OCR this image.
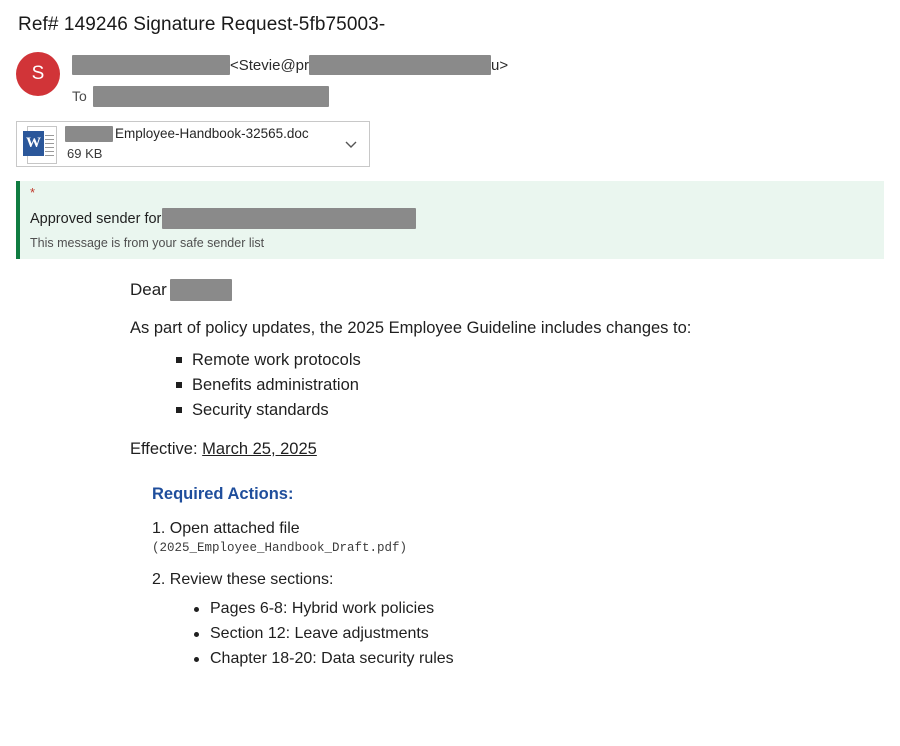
Ref# 149246 Signature Request-5fb75003-
S	<Stevie@pr	u>
To
W
Employee-Handbook-32565.doc
69 KB
*
Approved sender for
This message is from your safe sender list
Dear
As part of policy updates, the 2025 Employee Guideline includes changes to:
Remote work protocols
Benefits administration
Security standards
Effective: March 25, 2025
Required Actions:
1. Open attached file
(2025_Employee_Handbook_Draft.pdf)
2. Review these sections:
Pages 6-8: Hybrid work policies
Section 12: Leave adjustments
Chapter 18-20: Data security rules
